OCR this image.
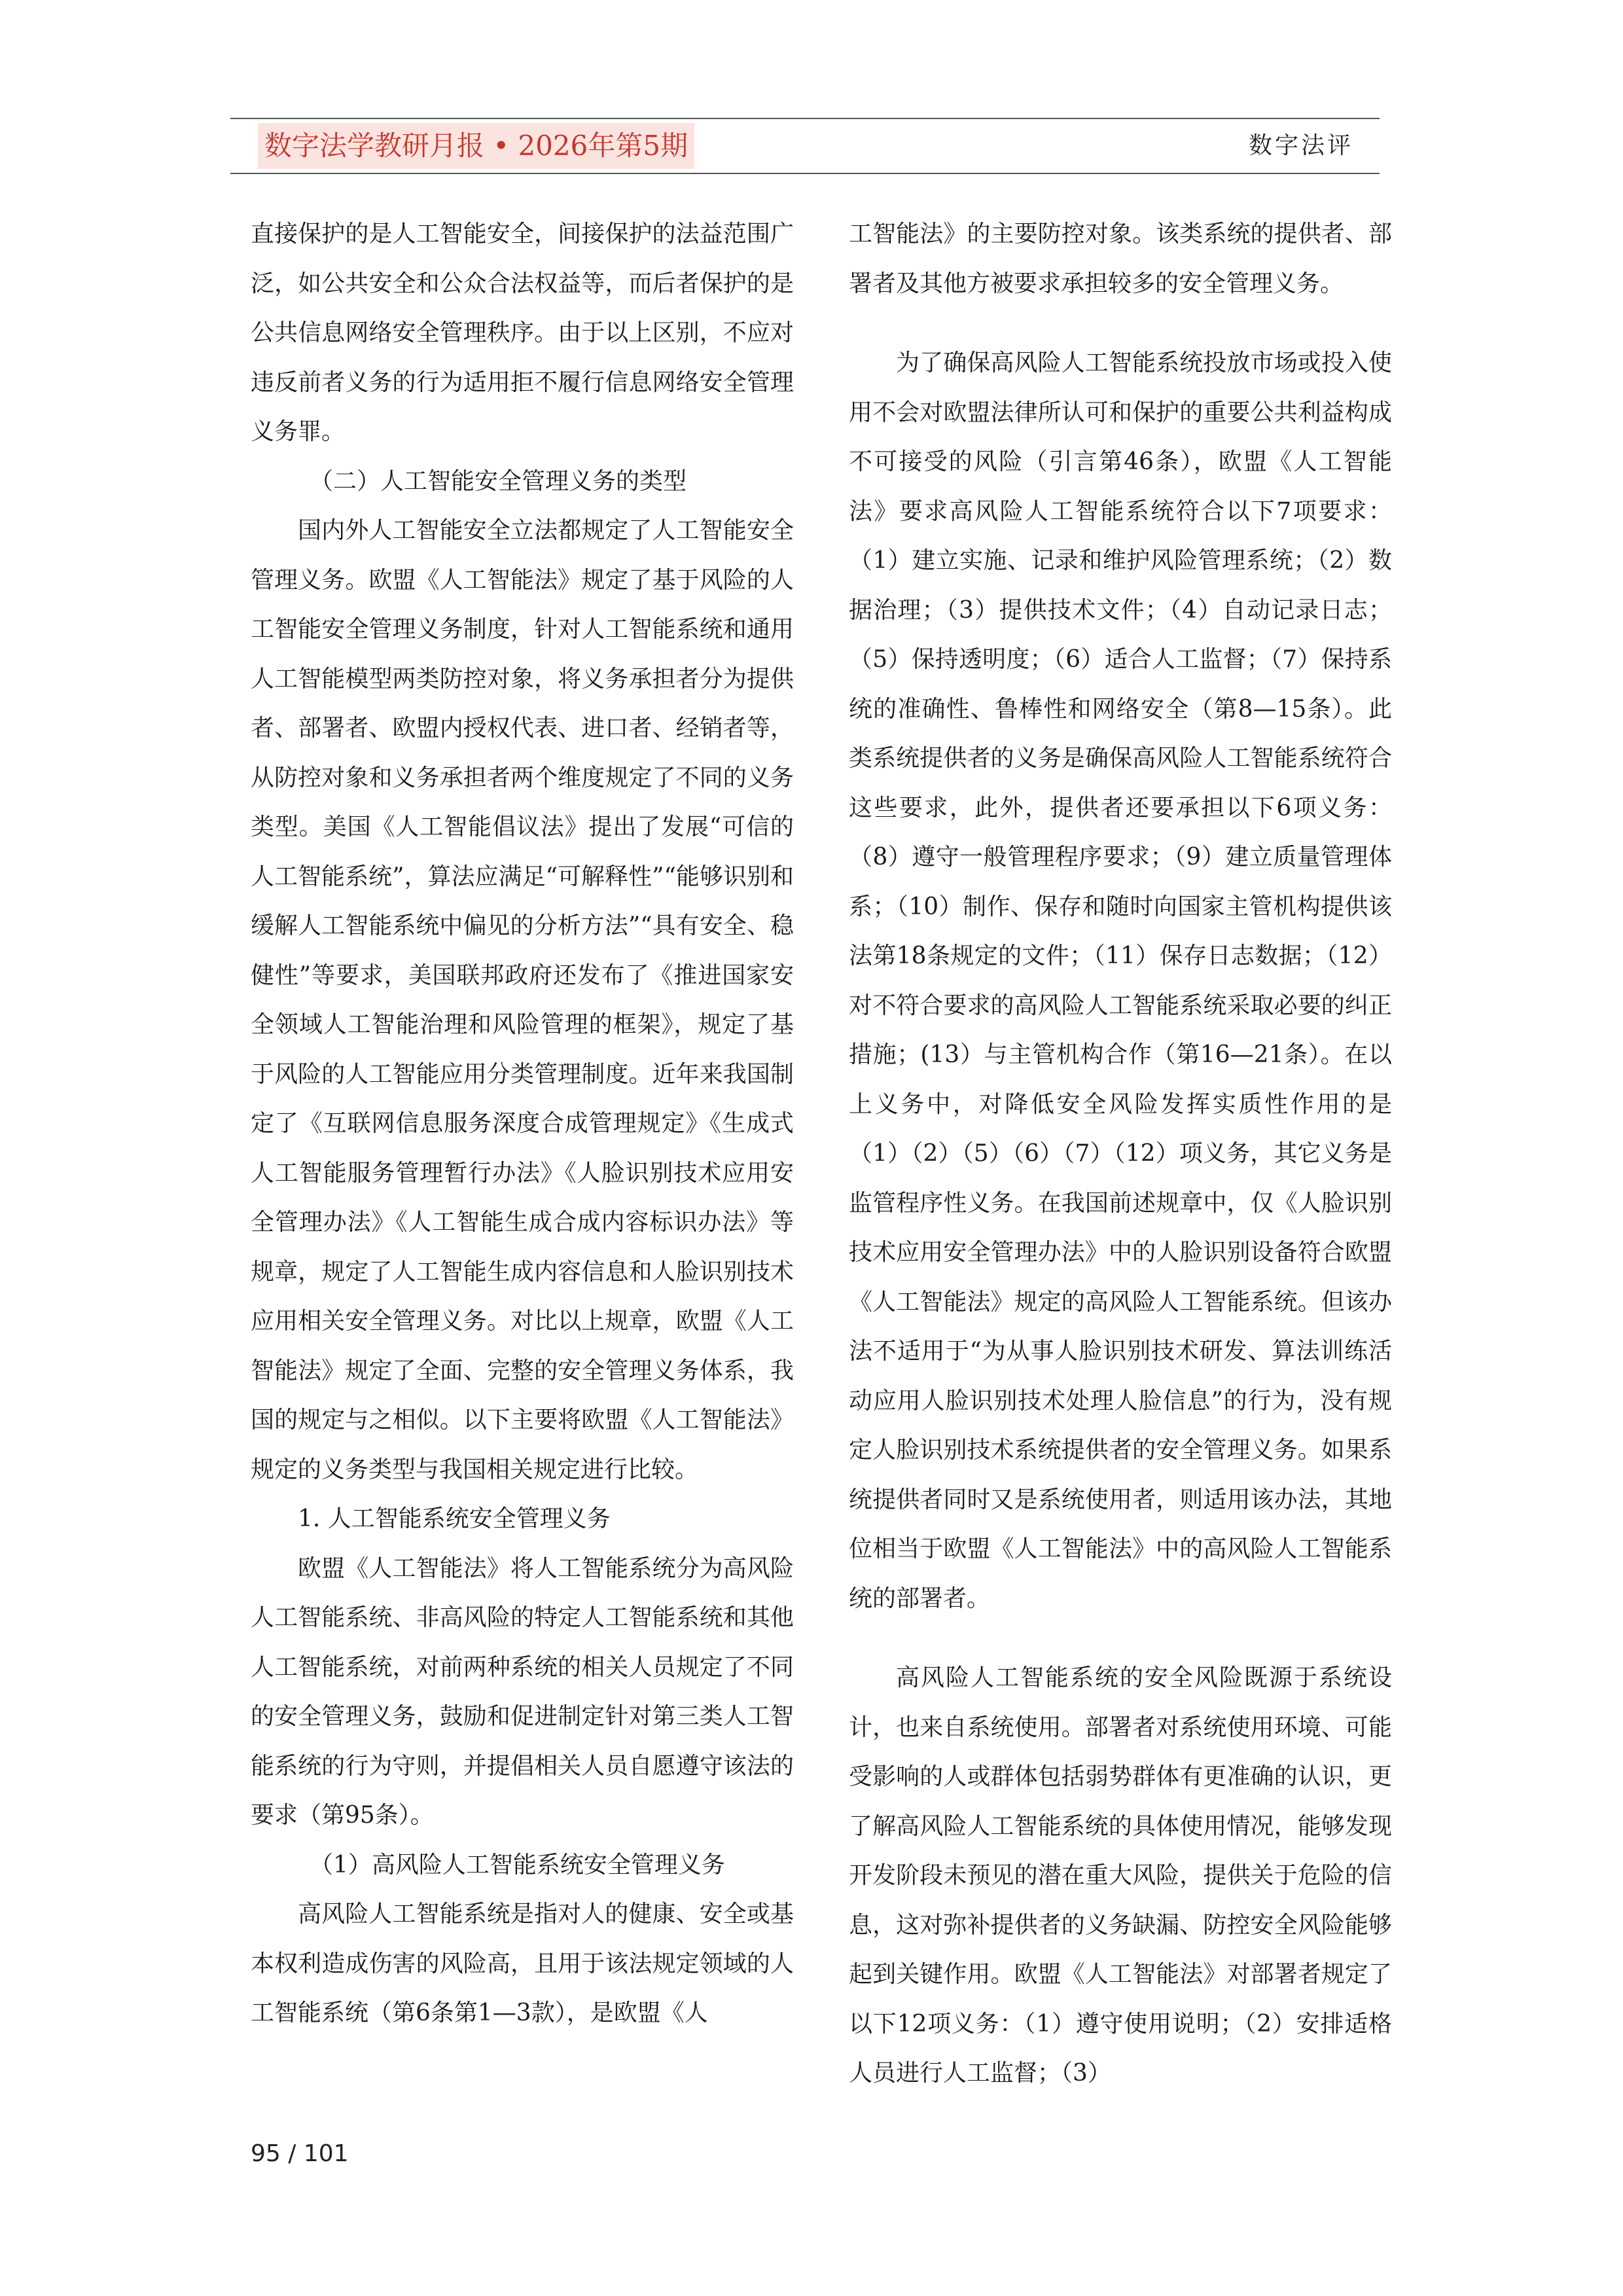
数字法学教研月报 • 2026年第5期	数字法评

直接保护的是人工智能安全，间接保护的法益范围广泛，如公共安全和公众合法权益等，而后者保护的是公共信息网络安全管理秩序。由于以上区别，不应对违反前者义务的行为适用拒不履行信息网络安全管理义务罪。

（二）人工智能安全管理义务的类型

国内外人工智能安全立法都规定了人工智能安全管理义务。欧盟《人工智能法》规定了基于风险的人工智能安全管理义务制度，针对人工智能系统和通用人工智能模型两类防控对象，将义务承担者分为提供者、部署者、欧盟内授权代表、进口者、经销者等，从防控对象和义务承担者两个维度规定了不同的义务类型。美国《人工智能倡议法》提出了发展“可信的人工智能系统”，算法应满足“可解释性”“能够识别和缓解人工智能系统中偏见的分析方法”“具有安全、稳健性”等要求，美国联邦政府还发布了《推进国家安全领域人工智能治理和风险管理的框架》，规定了基于风险的人工智能应用分类管理制度。近年来我国制定了《互联网信息服务深度合成管理规定》《生成式人工智能服务管理暂行办法》《人脸识别技术应用安全管理办法》《人工智能生成合成内容标识办法》等规章，规定了人工智能生成内容信息和人脸识别技术应用相关安全管理义务。对比以上规章，欧盟《人工智能法》规定了全面、完整的安全管理义务体系，我国的规定与之相似。以下主要将欧盟《人工智能法》规定的义务类型与我国相关规定进行比较。

1. 人工智能系统安全管理义务

欧盟《人工智能法》将人工智能系统分为高风险人工智能系统、非高风险的特定人工智能系统和其他人工智能系统，对前两种系统的相关人员规定了不同的安全管理义务，鼓励和促进制定针对第三类人工智能系统的行为守则，并提倡相关人员自愿遵守该法的要求（第95条）。

（1）高风险人工智能系统安全管理义务

高风险人工智能系统是指对人的健康、安全或基本权利造成伤害的风险高，且用于该法规定领域的人工智能系统（第6条第1—3款），是欧盟《人

工智能法》的主要防控对象。该类系统的提供者、部署者及其他方被要求承担较多的安全管理义务。

为了确保高风险人工智能系统投放市场或投入使用不会对欧盟法律所认可和保护的重要公共利益构成不可接受的风险（引言第46条），欧盟《人工智能法》要求高风险人工智能系统符合以下7项要求：（1）建立实施、记录和维护风险管理系统；（2）数据治理；（3）提供技术文件；（4）自动记录日志；（5）保持透明度；（6）适合人工监督；（7）保持系统的准确性、鲁棒性和网络安全（第8—15条）。此类系统提供者的义务是确保高风险人工智能系统符合这些要求，此外，提供者还要承担以下6项义务：（8）遵守一般管理程序要求；（9）建立质量管理体系；（10）制作、保存和随时向国家主管机构提供该法第18条规定的文件；（11）保存日志数据；（12）对不符合要求的高风险人工智能系统采取必要的纠正措施；(13）与主管机构合作（第16—21条）。在以上义务中，对降低安全风险发挥实质性作用的是（1）（2）（5）（6）（7）（12）项义务，其它义务是监管程序性义务。在我国前述规章中，仅《人脸识别技术应用安全管理办法》中的人脸识别设备符合欧盟《人工智能法》规定的高风险人工智能系统。但该办法不适用于“为从事人脸识别技术研发、算法训练活动应用人脸识别技术处理人脸信息”的行为，没有规定人脸识别技术系统提供者的安全管理义务。如果系统提供者同时又是系统使用者，则适用该办法，其地位相当于欧盟《人工智能法》中的高风险人工智能系统的部署者。

高风险人工智能系统的安全风险既源于系统设计，也来自系统使用。部署者对系统使用环境、可能受影响的人或群体包括弱势群体有更准确的认识，更了解高风险人工智能系统的具体使用情况，能够发现开发阶段未预见的潜在重大风险，提供关于危险的信息，这对弥补提供者的义务缺漏、防控安全风险能够起到关键作用。欧盟《人工智能法》对部署者规定了以下12项义务：（1）遵守使用说明；（2）安排适格人员进行人工监督；（3）

95 / 101
